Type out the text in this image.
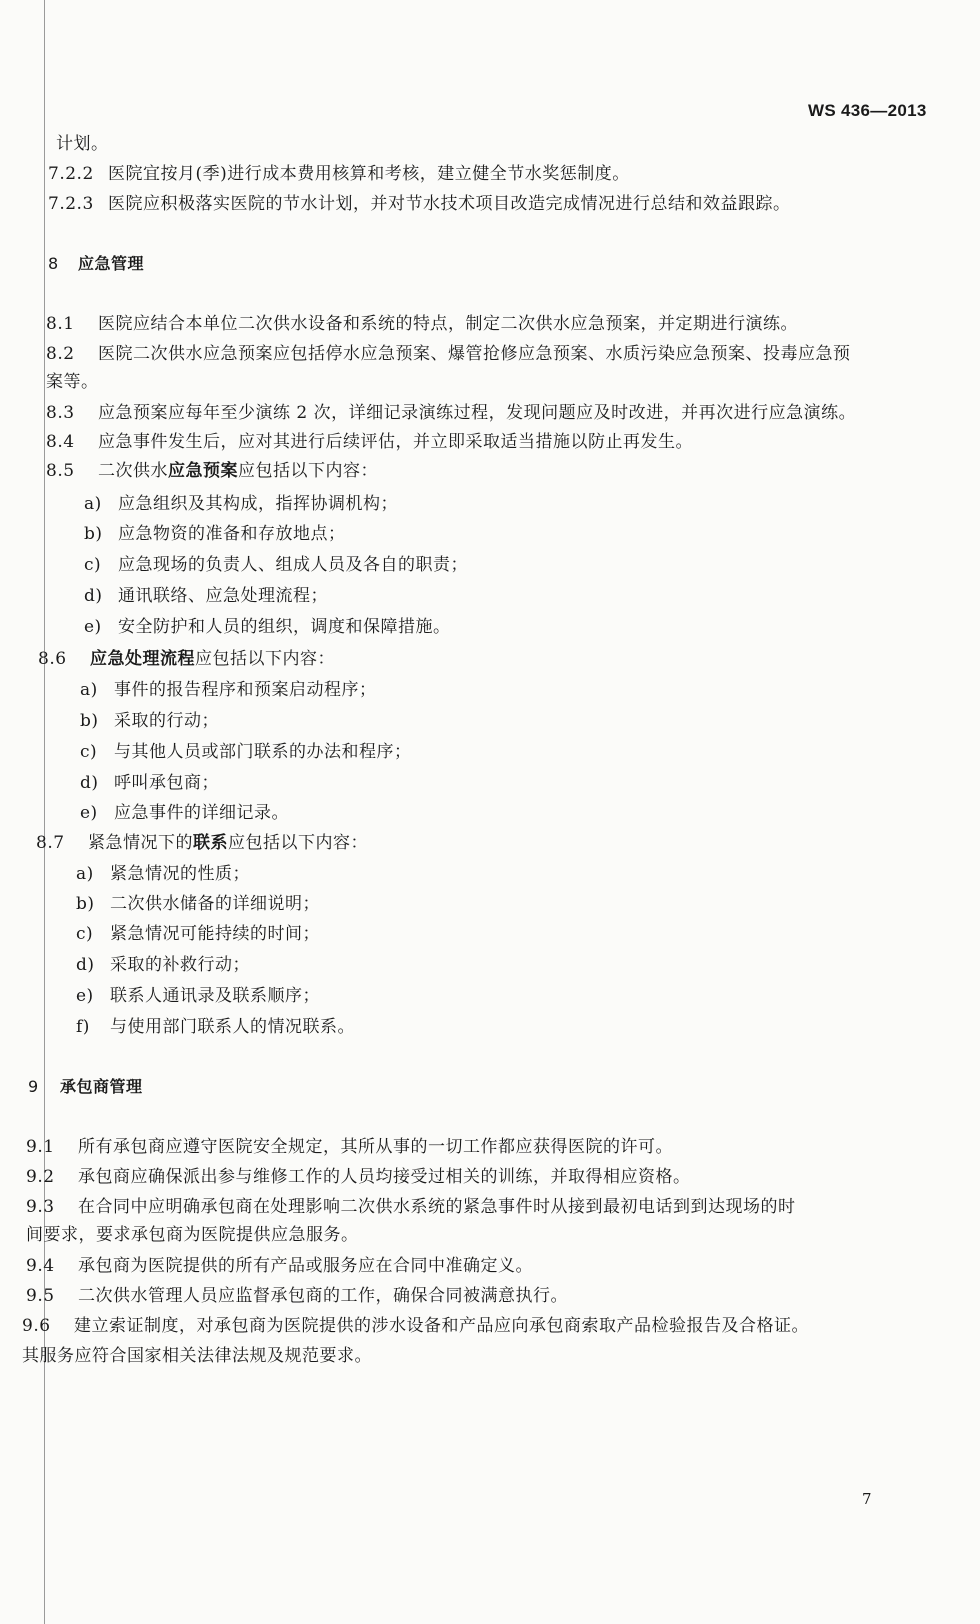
WS 436—2013
计划。
7.2.2 医院宜按月(季)进行成本费用核算和考核，建立健全节水奖惩制度。
7.2.3 医院应积极落实医院的节水计划，并对节水技术项目改造完成情况进行总结和效益跟踪。
8 应急管理
8.1 医院应结合本单位二次供水设备和系统的特点，制定二次供水应急预案，并定期进行演练。
8.2 医院二次供水应急预案应包括停水应急预案、爆管抢修应急预案、水质污染应急预案、投毒应急预
案等。
8.3 应急预案应每年至少演练 2 次，详细记录演练过程，发现问题应及时改进，并再次进行应急演练。
8.4 应急事件发生后，应对其进行后续评估，并立即采取适当措施以防止再发生。
8.5 二次供水应急预案应包括以下内容：
a) 应急组织及其构成，指挥协调机构；
b) 应急物资的准备和存放地点；
c) 应急现场的负责人、组成人员及各自的职责；
d) 通讯联络、应急处理流程；
e) 安全防护和人员的组织，调度和保障措施。
8.6 应急处理流程应包括以下内容：
a) 事件的报告程序和预案启动程序；
b) 采取的行动；
c) 与其他人员或部门联系的办法和程序；
d) 呼叫承包商；
e) 应急事件的详细记录。
8.7 紧急情况下的联系应包括以下内容：
a) 紧急情况的性质；
b) 二次供水储备的详细说明；
c) 紧急情况可能持续的时间；
d) 采取的补救行动；
e) 联系人通讯录及联系顺序；
f) 与使用部门联系人的情况联系。
9 承包商管理
9.1 所有承包商应遵守医院安全规定，其所从事的一切工作都应获得医院的许可。
9.2 承包商应确保派出参与维修工作的人员均接受过相关的训练，并取得相应资格。
9.3 在合同中应明确承包商在处理影响二次供水系统的紧急事件时从接到最初电话到到达现场的时
间要求，要求承包商为医院提供应急服务。
9.4 承包商为医院提供的所有产品或服务应在合同中准确定义。
9.5 二次供水管理人员应监督承包商的工作，确保合同被满意执行。
9.6 建立索证制度，对承包商为医院提供的涉水设备和产品应向承包商索取产品检验报告及合格证。
其服务应符合国家相关法律法规及规范要求。
7
